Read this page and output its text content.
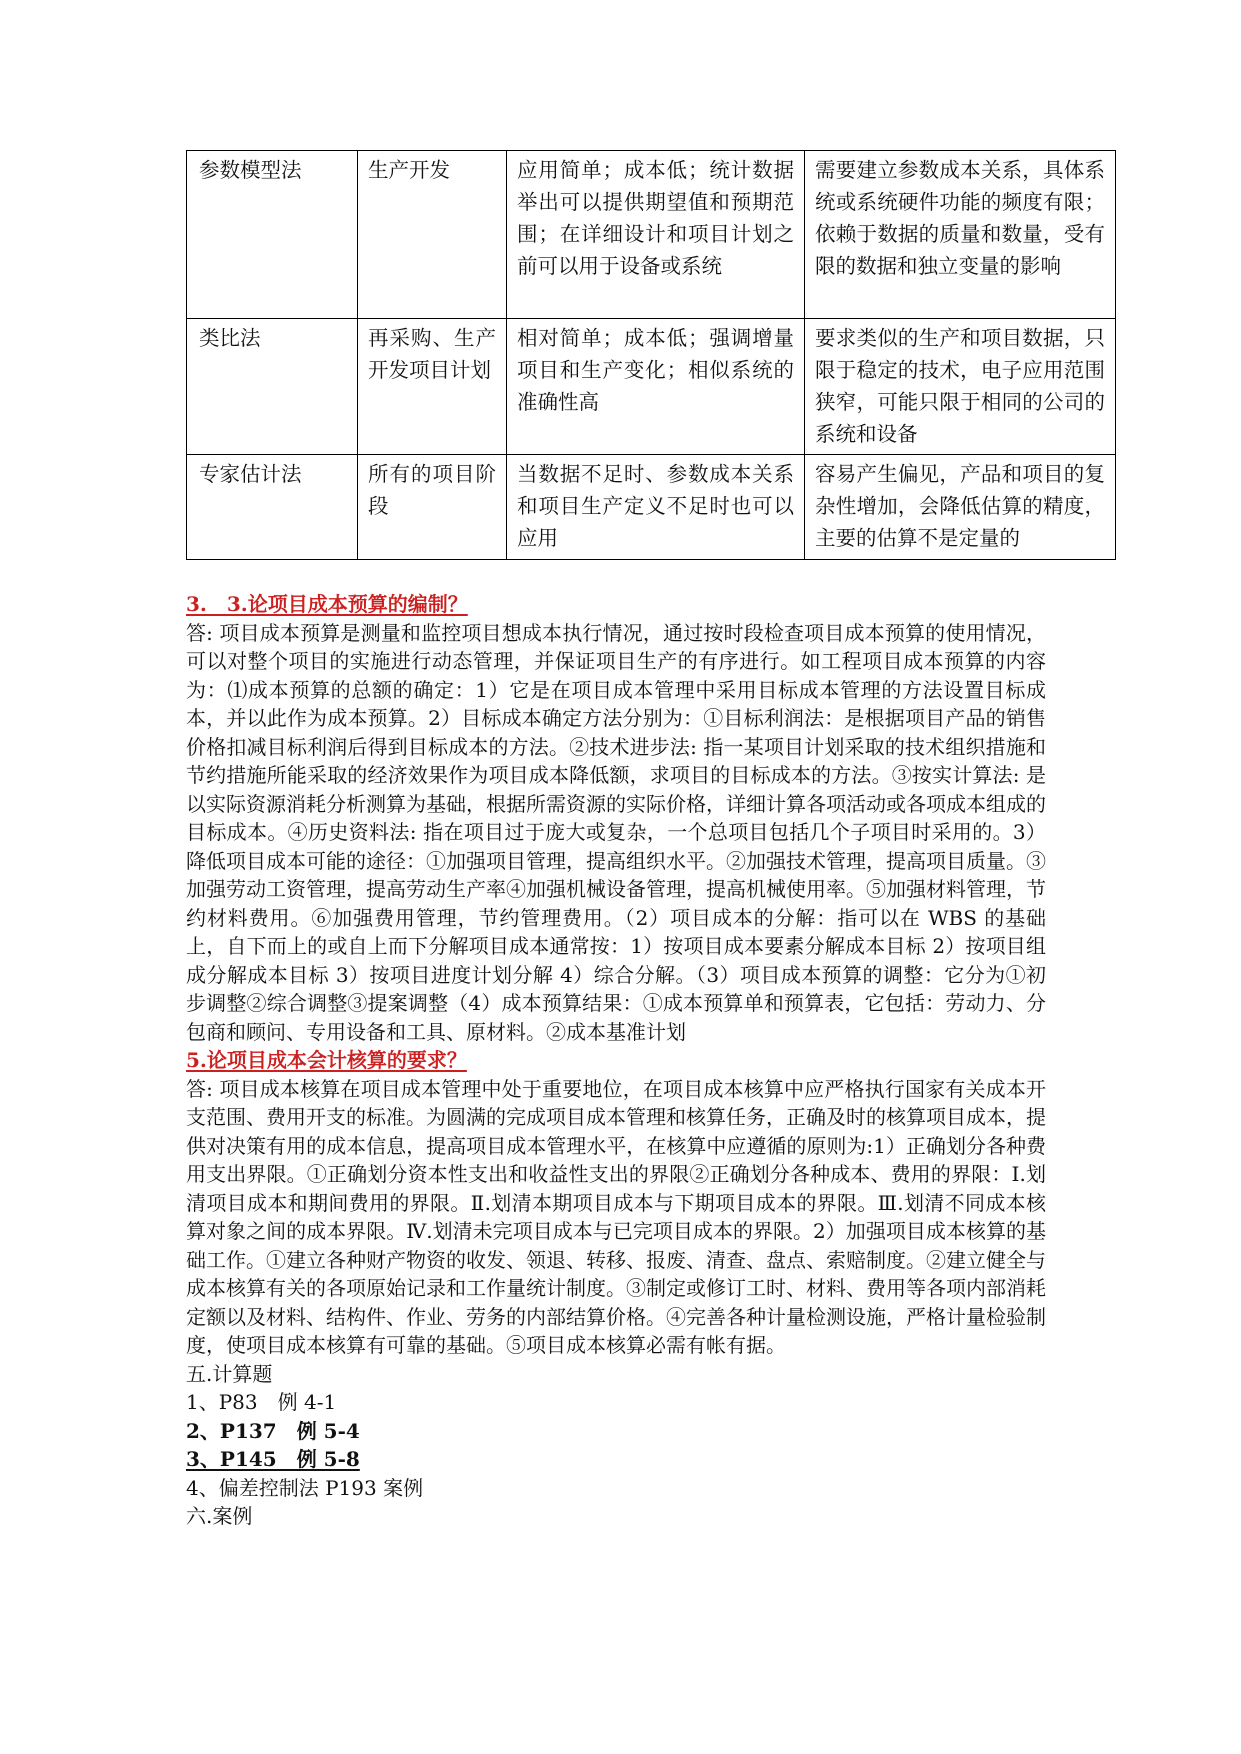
参数模型法	生产开发	应用简单；成本低；统计数据举出可以提供期望值和预期范围；在详细设计和项目计划之前可以用于设备或系统	需要建立参数成本关系，具体系统或系统硬件功能的频度有限；依赖于数据的质量和数量，受有限的数据和独立变量的影响
类比法	再采购、生产开发项目计划	相对简单；成本低；强调增量项目和生产变化；相似系统的准确性高	要求类似的生产和项目数据，只限于稳定的技术，电子应用范围狭窄，可能只限于相同的公司的系统和设备
专家估计法	所有的项目阶段	当数据不足时、参数成本关系和项目生产定义不足时也可以应用	容易产生偏见，产品和项目的复杂性增加，会降低估算的精度，主要的估算不是定量的

3.　3.论项目成本预算的编制？

答: 项目成本预算是测量和监控项目想成本执行情况，通过按时段检查项目成本预算的使用情况，可以对整个项目的实施进行动态管理，并保证项目生产的有序进行。如工程项目成本预算的内容为：⑴成本预算的总额的确定：1）它是在项目成本管理中采用目标成本管理的方法设置目标成本，并以此作为成本预算。2）目标成本确定方法分别为：①目标利润法：是根据项目产品的销售价格扣减目标利润后得到目标成本的方法。②技术进步法: 指一某项目计划采取的技术组织措施和节约措施所能采取的经济效果作为项目成本降低额，求项目的目标成本的方法。③按实计算法: 是以实际资源消耗分析测算为基础，根据所需资源的实际价格，详细计算各项活动或各项成本组成的目标成本。④历史资料法: 指在项目过于庞大或复杂，一个总项目包括几个子项目时采用的。3）降低项目成本可能的途径：①加强项目管理，提高组织水平。②加强技术管理，提高项目质量。③加强劳动工资管理，提高劳动生产率④加强机械设备管理，提高机械使用率。⑤加强材料管理，节约材料费用。⑥加强费用管理，节约管理费用。（2）项目成本的分解：指可以在 WBS 的基础上，自下而上的或自上而下分解项目成本通常按：1）按项目成本要素分解成本目标 2）按项目组成分解成本目标 3）按项目进度计划分解 4）综合分解。（3）项目成本预算的调整：它分为①初步调整②综合调整③提案调整（4）成本预算结果：①成本预算单和预算表，它包括：劳动力、分包商和顾问、专用设备和工具、原材料。②成本基准计划

5.论项目成本会计核算的要求？

答: 项目成本核算在项目成本管理中处于重要地位，在项目成本核算中应严格执行国家有关成本开支范围、费用开支的标准。为圆满的完成项目成本管理和核算任务，正确及时的核算项目成本，提供对决策有用的成本信息，提高项目成本管理水平，在核算中应遵循的原则为:1）正确划分各种费用支出界限。①正确划分资本性支出和收益性支出的界限②正确划分各种成本、费用的界限：Ⅰ.划清项目成本和期间费用的界限。Ⅱ.划清本期项目成本与下期项目成本的界限。Ⅲ.划清不同成本核算对象之间的成本界限。Ⅳ.划清未完项目成本与已完项目成本的界限。2）加强项目成本核算的基础工作。①建立各种财产物资的收发、领退、转移、报废、清查、盘点、索赔制度。②建立健全与成本核算有关的各项原始记录和工作量统计制度。③制定或修订工时、材料、费用等各项内部消耗定额以及材料、结构件、作业、劳务的内部结算价格。④完善各种计量检测设施，严格计量检验制度，使项目成本核算有可靠的基础。⑤项目成本核算必需有帐有据。

五.计算题

1、P83　例 4-1

2、P137　例 5-4

3、P145　例 5-8

4、偏差控制法 P193 案例

六.案例
